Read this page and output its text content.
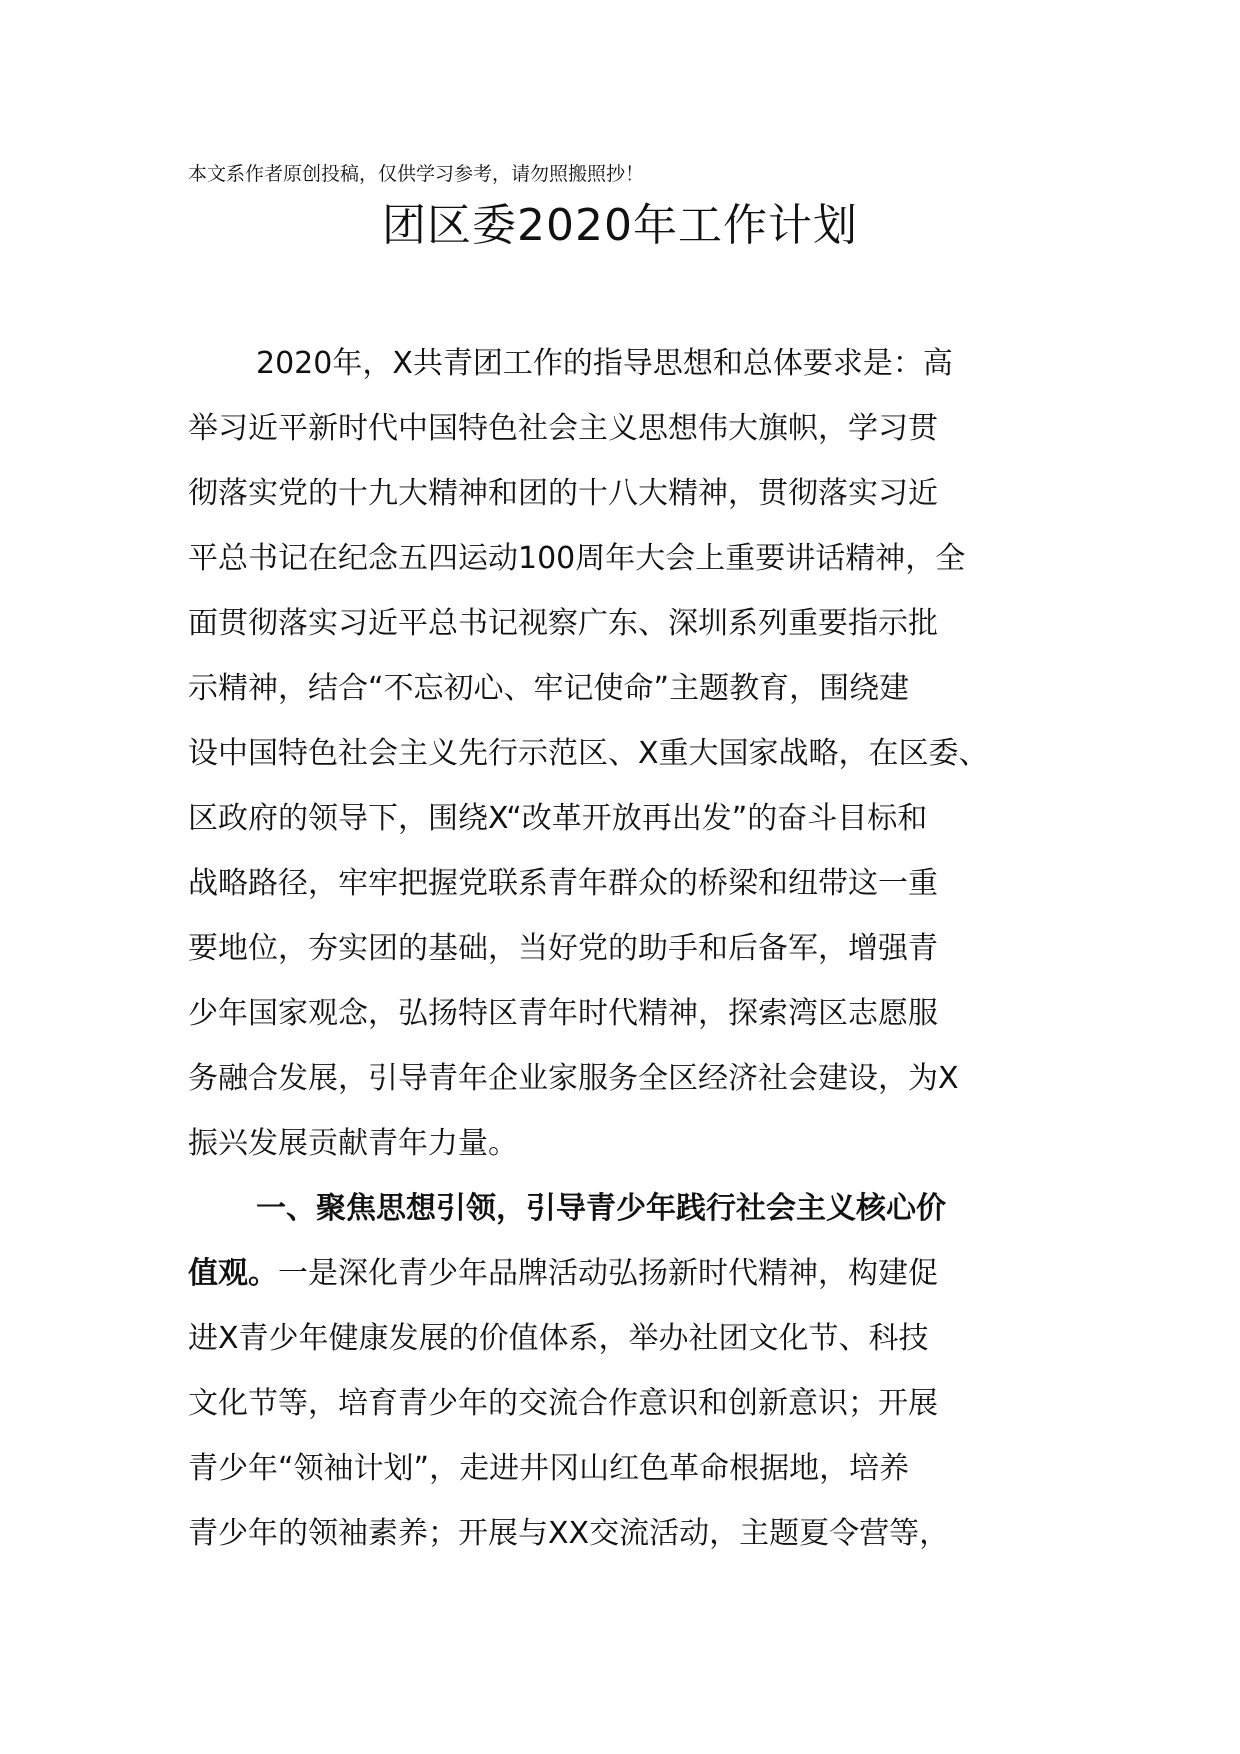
本文系作者原创投稿，仅供学习参考，请勿照搬照抄！
团区委2020年工作计划

2020年，X共青团工作的指导思想和总体要求是：高

举习近平新时代中国特色社会主义思想伟大旗帜，学习贯

彻落实党的十九大精神和团的十八大精神，贯彻落实习近

平总书记在纪念五四运动100周年大会上重要讲话精神，全

面贯彻落实习近平总书记视察广东、深圳系列重要指示批

示精神，结合“不忘初心、牢记使命”主题教育，围绕建

设中国特色社会主义先行示范区、X重大国家战略，在区委、

区政府的领导下，围绕X“改革开放再出发”的奋斗目标和

战略路径，牢牢把握党联系青年群众的桥梁和纽带这一重

要地位，夯实团的基础，当好党的助手和后备军，增强青

少年国家观念，弘扬特区青年时代精神，探索湾区志愿服

务融合发展，引导青年企业家服务全区经济社会建设，为X

振兴发展贡献青年力量。

一、聚焦思想引领，引导青少年践行社会主义核心价

值观。一是深化青少年品牌活动弘扬新时代精神，构建促

进X青少年健康发展的价值体系，举办社团文化节、科技

文化节等，培育青少年的交流合作意识和创新意识；开展

青少年“领袖计划”，走进井冈山红色革命根据地，培养

青少年的领袖素养；开展与XX交流活动，主题夏令营等，
